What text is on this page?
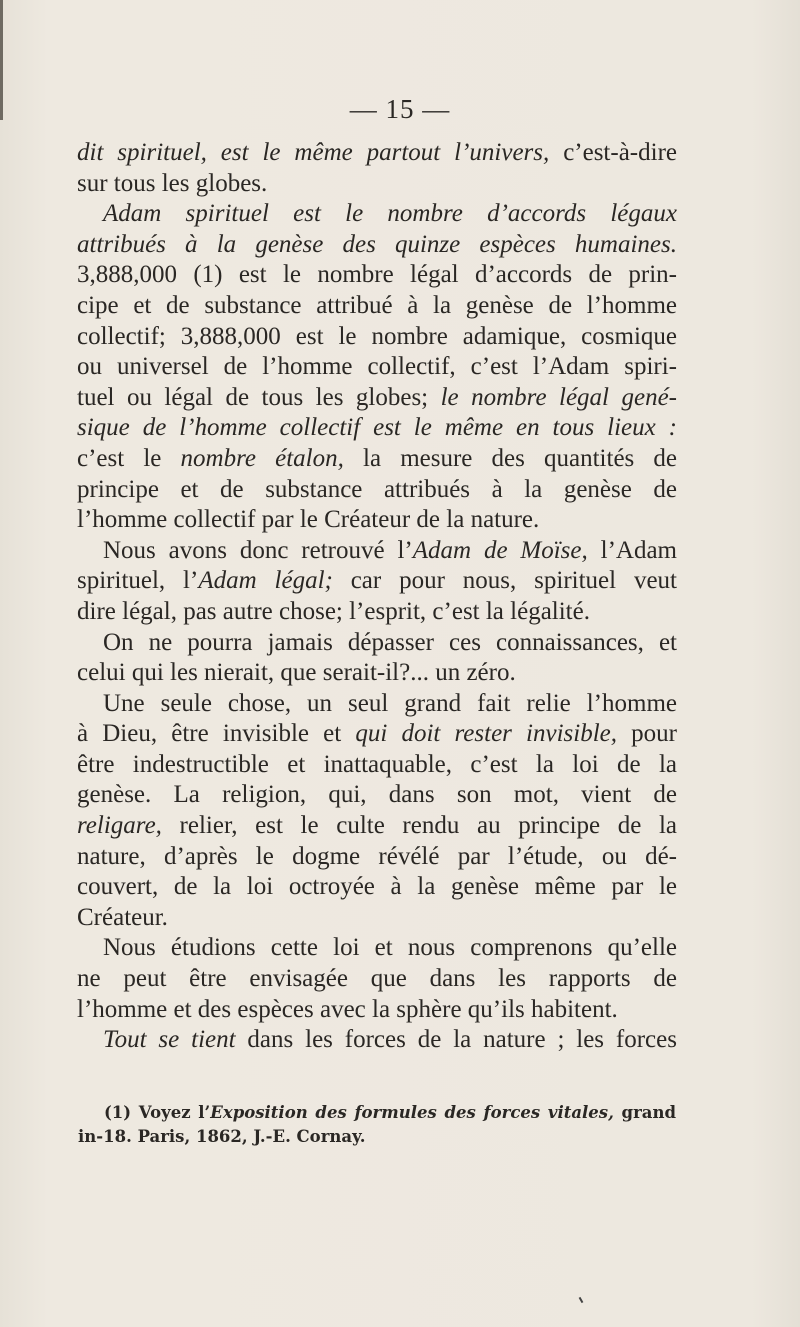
— 15 —
dit spirituel, est le même partout l’univers, c’est-à-dire
sur tous les globes.
Adam spirituel est le nombre d’accords légaux
attribués à la genèse des quinze espèces humaines.
3,888,000 (1) est le nombre légal d’accords de prin-
cipe et de substance attribué à la genèse de l’homme
collectif; 3,888,000 est le nombre adamique, cosmique
ou universel de l’homme collectif, c’est l’Adam spiri-
tuel ou légal de tous les globes; le nombre légal gené-
sique de l’homme collectif est le même en tous lieux :
c’est le nombre étalon, la mesure des quantités de
principe et de substance attribués à la genèse de
l’homme collectif par le Créateur de la nature.
Nous avons donc retrouvé l’Adam de Moïse, l’Adam
spirituel, l’Adam légal; car pour nous, spirituel veut
dire légal, pas autre chose; l’esprit, c’est la légalité.
On ne pourra jamais dépasser ces connaissances, et
celui qui les nierait, que serait-il?... un zéro.
Une seule chose, un seul grand fait relie l’homme
à Dieu, être invisible et qui doit rester invisible, pour
être indestructible et inattaquable, c’est la loi de la
genèse. La religion, qui, dans son mot, vient de
religare, relier, est le culte rendu au principe de la
nature, d’après le dogme révélé par l’étude, ou dé-
couvert, de la loi octroyée à la genèse même par le
Créateur.
Nous étudions cette loi et nous comprenons qu’elle
ne peut être envisagée que dans les rapports de
l’homme et des espèces avec la sphère qu’ils habitent.
Tout se tient dans les forces de la nature ; les forces
(1) Voyez l’Exposition des formules des forces vitales, grand
in-18. Paris, 1862, J.-E. Cornay.
